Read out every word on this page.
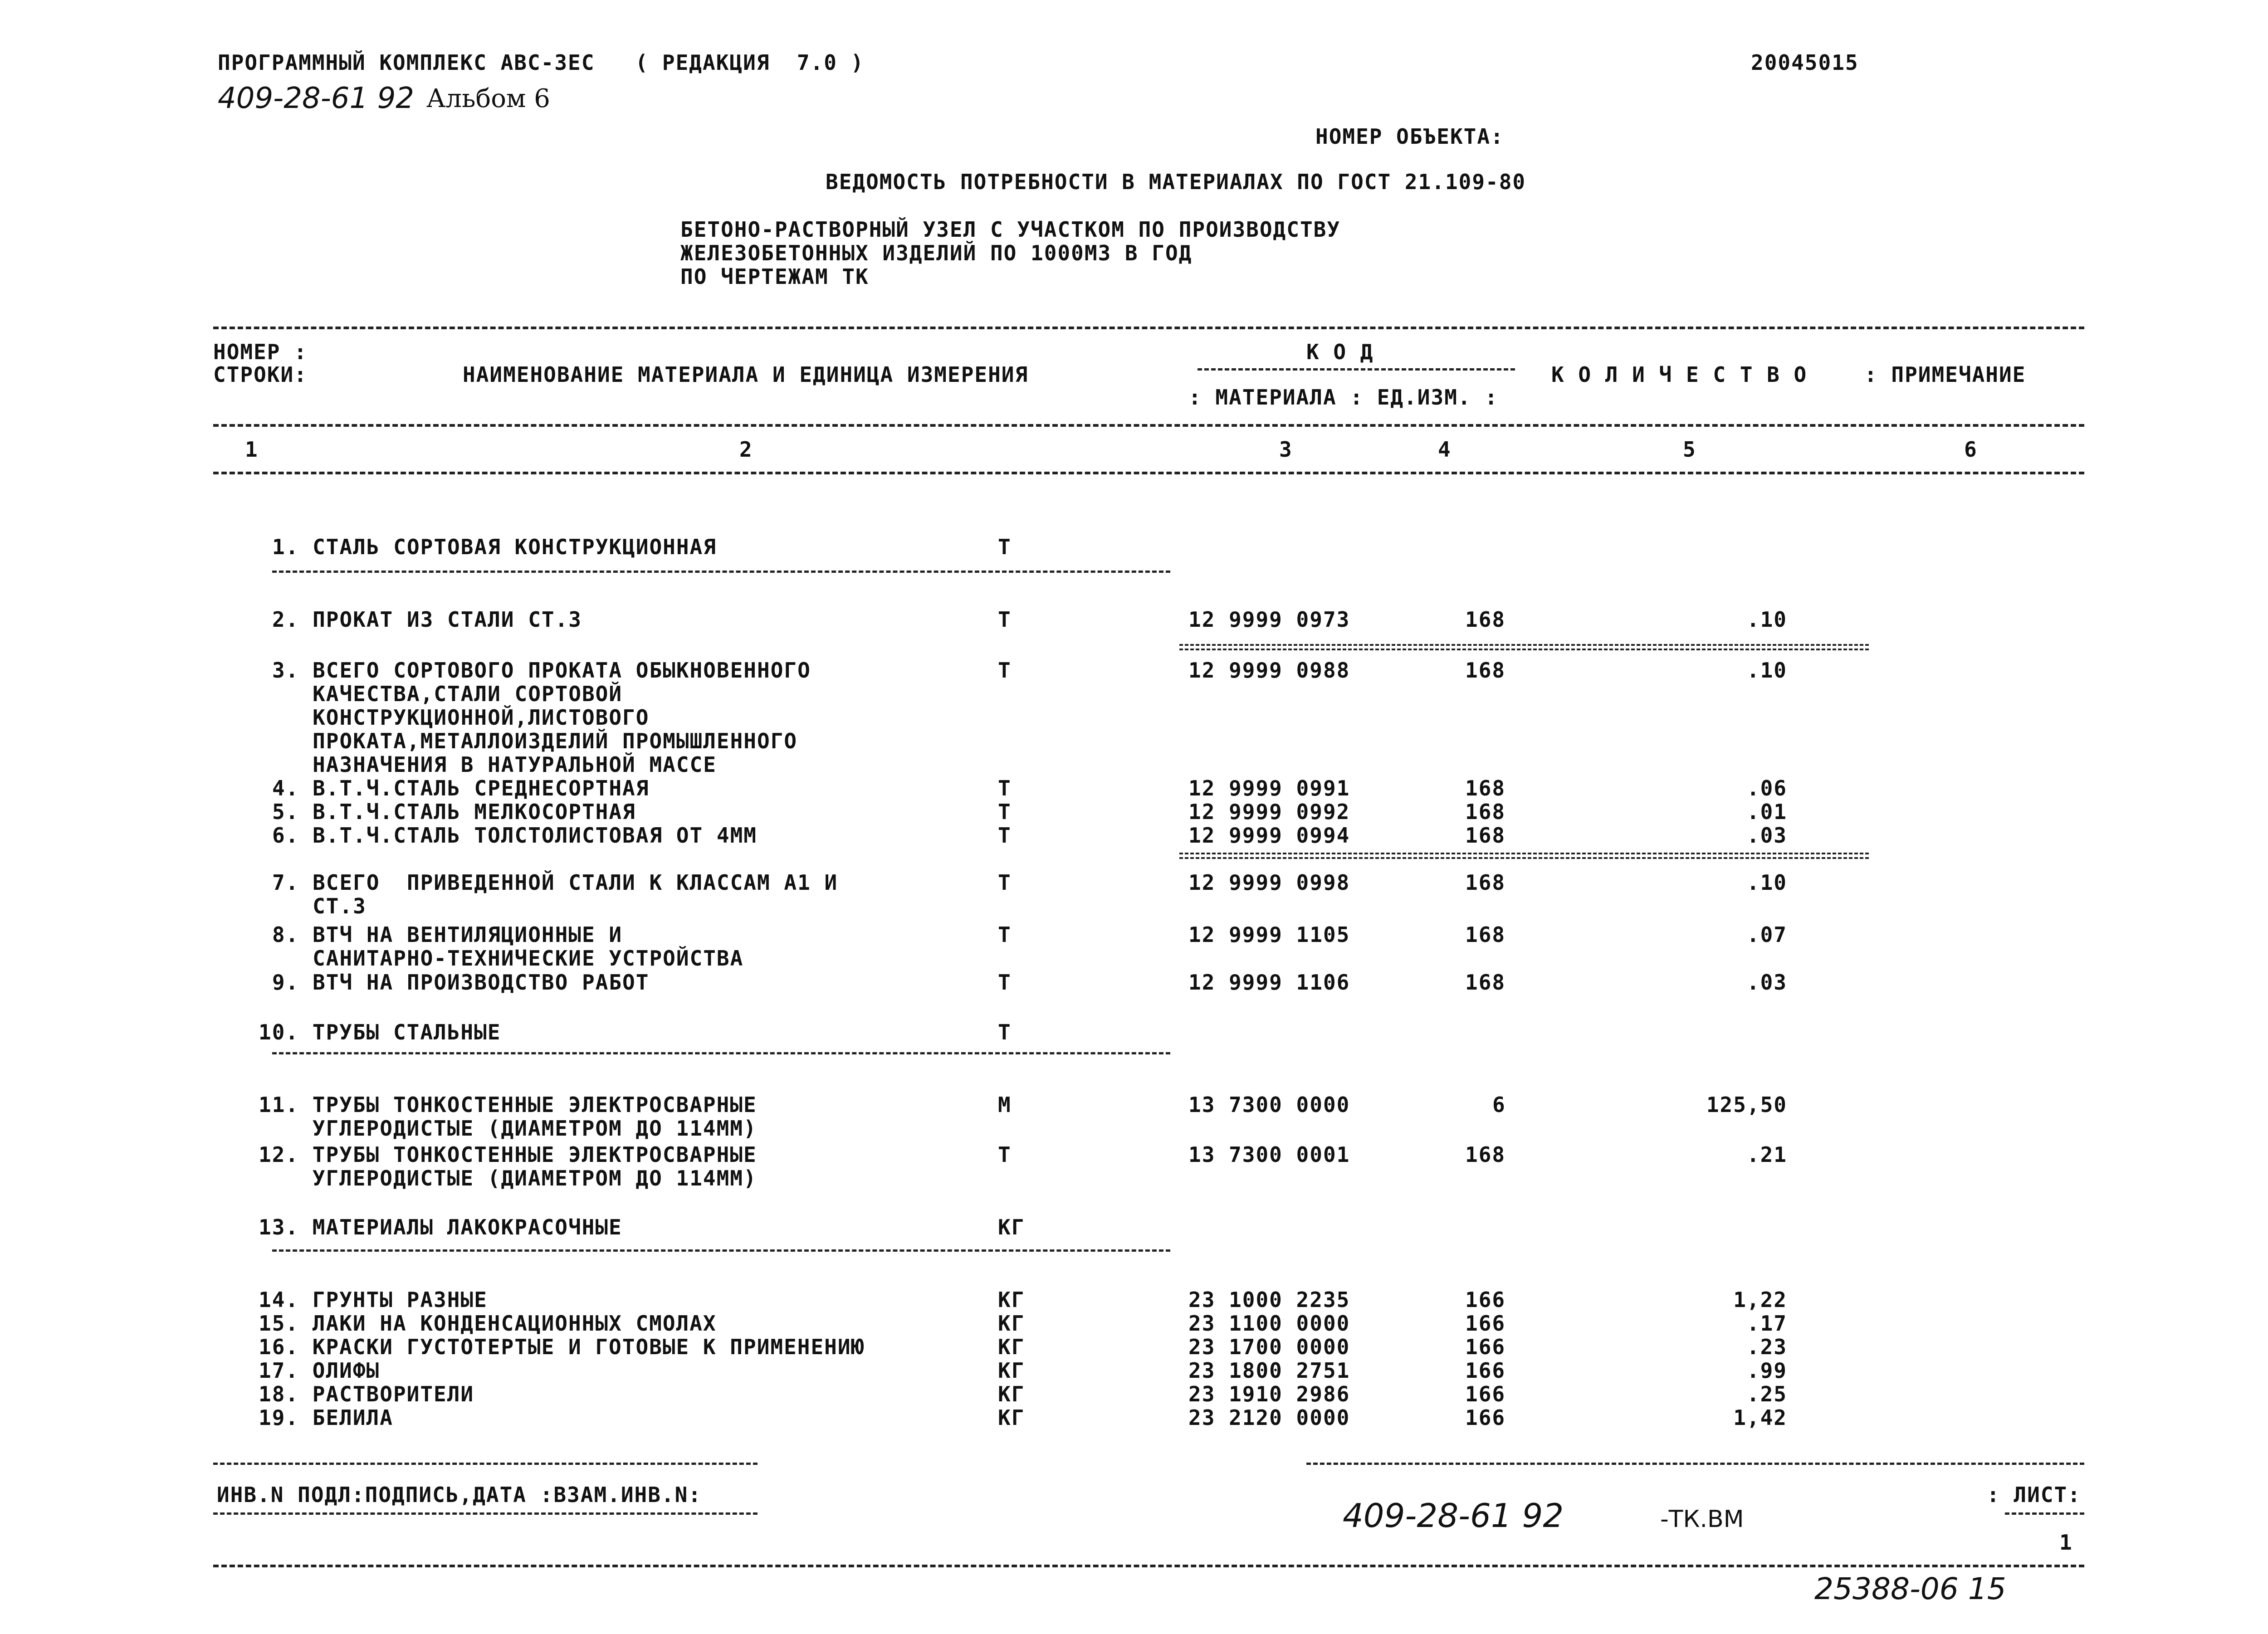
ПРОГРАММНЫЙ КОМПЛЕКС АВС-3ЕС   ( РЕДАКЦИЯ  7.0 )	20045015
409-28-61 92 Альбом 6
НОМЕР ОБЪЕКТА:
ВЕДОМОСТЬ ПОТРЕБНОСТИ В МАТЕРИАЛАХ ПО ГОСТ 21.109-80
БЕТОНО-РАСТВОРНЫЙ УЗЕЛ С УЧАСТКОМ ПО ПРОИЗВОДСТВУ
ЖЕЛЕЗОБЕТОННЫХ ИЗДЕЛИЙ ПО 1000М3 В ГОД
ПО ЧЕРТЕЖАМ ТК
НОМЕР :
СТРОКИ:	НАИМЕНОВАНИЕ МАТЕРИАЛА И ЕДИНИЦА ИЗМЕРЕНИЯ
К О Д
: МАТЕРИАЛА : ЕД.ИЗМ. :
К О Л И Ч Е С Т В О	: ПРИМЕЧАНИЕ
1	2	3	4	5	6
1. СТАЛЬ СОРТОВАЯ КОНСТРУКЦИОННАЯ	Т
2. ПРОКАТ ИЗ СТАЛИ СТ.3	Т	12 9999 0973	168	.10
3. ВСЕГО СОРТОВОГО ПРОКАТА ОБЫКНОВЕННОГО
КАЧЕСТВА,СТАЛИ СОРТОВОЙ
КОНСТРУКЦИОННОЙ,ЛИСТОВОГО
ПРОКАТА,МЕТАЛЛОИЗДЕЛИЙ ПРОМЫШЛЕННОГО
НАЗНАЧЕНИЯ В НАТУРАЛЬНОЙ МАССЕ
Т	12 9999 0988	168	.10
4. В.Т.Ч.СТАЛЬ СРЕДНЕСОРТНАЯ	Т	12 9999 0991	168	.06
5. В.Т.Ч.СТАЛЬ МЕЛКОСОРТНАЯ	Т	12 9999 0992	168	.01
6. В.Т.Ч.СТАЛЬ ТОЛСТОЛИСТОВАЯ ОТ 4ММ	Т	12 9999 0994	168	.03
7. ВСЕГО  ПРИВЕДЕННОЙ СТАЛИ К КЛАССАМ А1 И
СТ.3
Т	12 9999 0998	168	.10
8. ВТЧ НА ВЕНТИЛЯЦИОННЫЕ И
САНИТАРНО-ТЕХНИЧЕСКИЕ УСТРОЙСТВА
Т	12 9999 1105	168	.07
9. ВТЧ НА ПРОИЗВОДСТВО РАБОТ	Т	12 9999 1106	168	.03
10. ТРУБЫ СТАЛЬНЫЕ	Т
11. ТРУБЫ ТОНКОСТЕННЫЕ ЭЛЕКТРОСВАРНЫЕ
УГЛЕРОДИСТЫЕ (ДИАМЕТРОМ ДО 114ММ)
М	13 7300 0000	6	125,50
12. ТРУБЫ ТОНКОСТЕННЫЕ ЭЛЕКТРОСВАРНЫЕ
УГЛЕРОДИСТЫЕ (ДИАМЕТРОМ ДО 114ММ)
Т	13 7300 0001	168	.21
13. МАТЕРИАЛЫ ЛАКОКРАСОЧНЫЕ	КГ
14. ГРУНТЫ РАЗНЫЕ	КГ	23 1000 2235	166	1,22
15. ЛАКИ НА КОНДЕНСАЦИОННЫХ СМОЛАХ	КГ	23 1100 0000	166	.17
16. КРАСКИ ГУСТОТЕРТЫЕ И ГОТОВЫЕ К ПРИМЕНЕНИЮ	КГ	23 1700 0000	166	.23
17. ОЛИФЫ	КГ	23 1800 2751	166	.99
18. РАСТВОРИТЕЛИ	КГ	23 1910 2986	166	.25
19. БЕЛИЛА	КГ	23 2120 0000	166	1,42
ИНВ.N ПОДЛ:ПОДПИСЬ,ДАТА :ВЗАМ.ИНВ.N:
409-28-61 92	-ТК.ВМ
: ЛИСТ:
1
25388-06 15
